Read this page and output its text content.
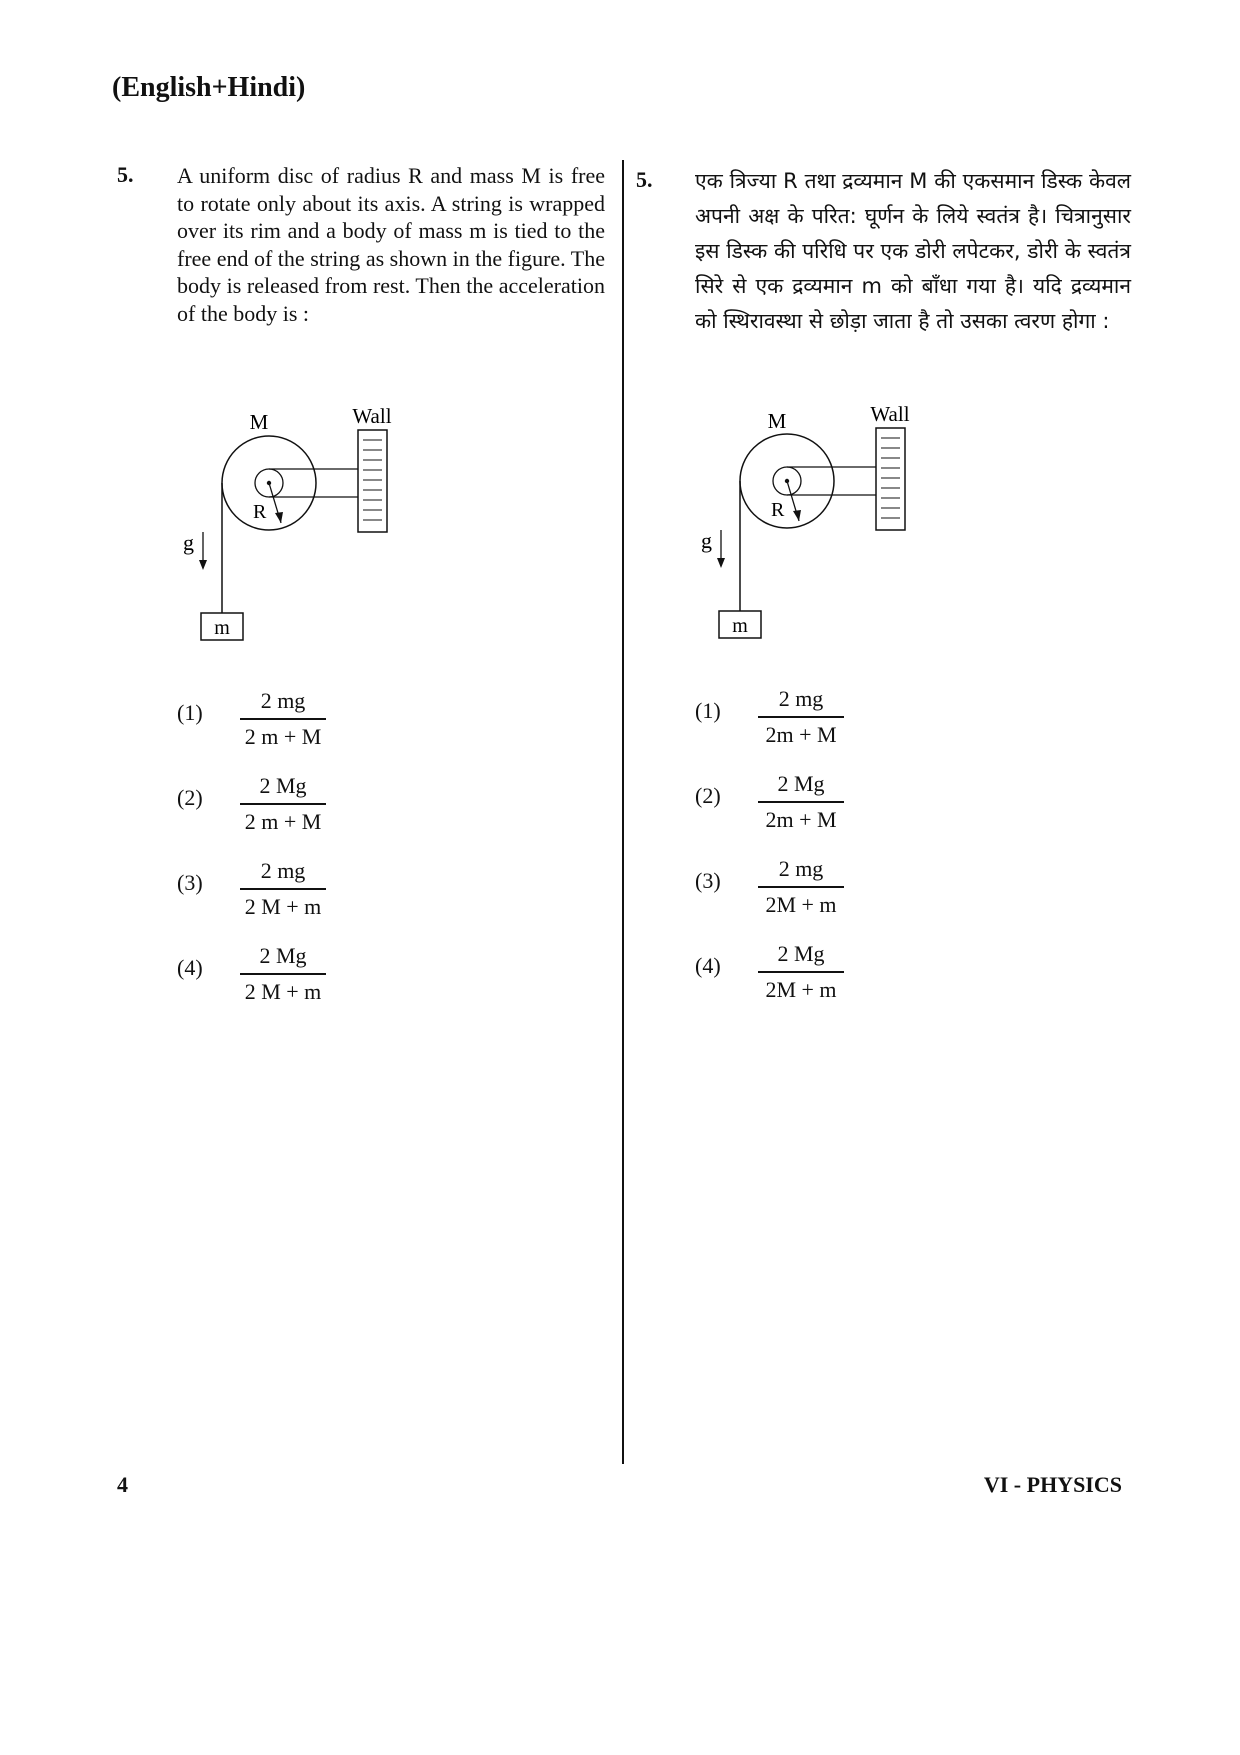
(English+Hindi)
5. A uniform disc of radius R and mass M is free to rotate only about its axis. A string is wrapped over its rim and a body of mass m is tied to the free end of the string as shown in the figure. The body is released from rest. Then the acceleration of the body is :
M	Wall
R
g
m
(1)	2 mg
2 m + M
(2)	2 Mg
2 m + M
(3)	2 mg
2 M + m
(4)	2 Mg
2 M + m
5. एक त्रिज्या R तथा द्रव्यमान M की एकसमान डिस्क केवल अपनी अक्ष के परित: घूर्णन के लिये स्वतंत्र है। चित्रानुसार इस डिस्क की परिधि पर एक डोरी लपेटकर, डोरी के स्वतंत्र सिरे से एक द्रव्यमान m को बाँधा गया है। यदि द्रव्यमान को स्थिरावस्था से छोड़ा जाता है तो उसका त्वरण होगा :
M	Wall
R
g
m
(1)	2 mg
2m + M
(2)	2 Mg
2m + M
(3)	2 mg
2M + m
(4)	2 Mg
2M + m
4	VI - PHYSICS
